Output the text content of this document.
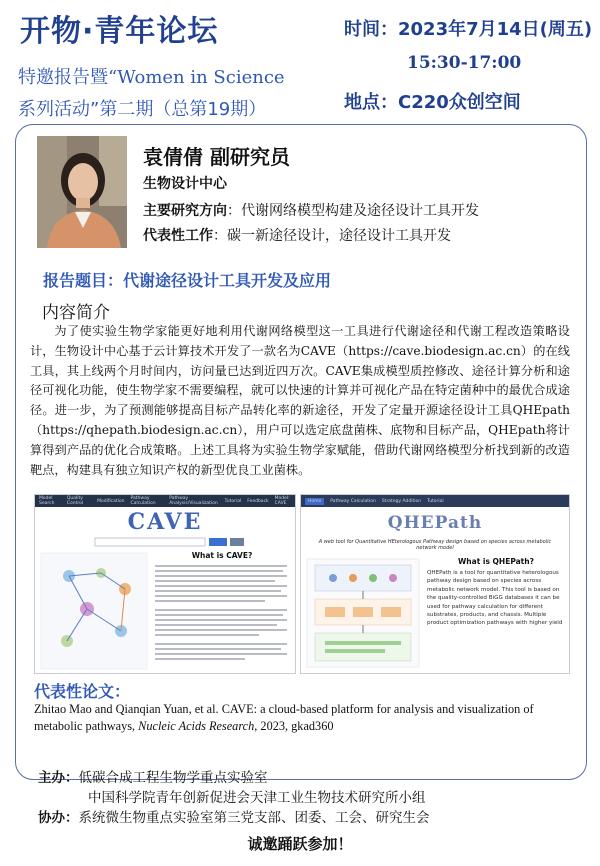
开物·青年论坛
特邀报告暨“Women in Science
系列活动”第二期（总第19期）
时间：2023年7月14日(周五)
15:30-17:00
地点：C220众创空间
袁倩倩 副研究员
生物设计中心
主要研究方向：代谢网络模型构建及途径设计工具开发
代表性工作：碳一新途径设计，途径设计工具开发
报告题目：代谢途径设计工具开发及应用
内容简介
为了使实验生物学家能更好地利用代谢网络模型这一工具进行代谢途径和代谢工程改造策略设计，生物设计中心基于云计算技术开发了一款名为CAVE（https://cave.biodesign.ac.cn）的在线工具，其上线两个月时间内，访问量已达到近四万次。CAVE集成模型质控修改、途径计算分析和途径可视化功能，使生物学家不需要编程，就可以快速的计算并可视化产品在特定菌种中的最优合成途径。进一步，为了预测能够提高目标产品转化率的新途径，开发了定量开源途径设计工具QHEpath（https://qhepath.biodesign.ac.cn），用户可以选定底盘菌株、底物和目标产品，QHEpath将计算得到产品的优化合成策略。上述工具将为实验生物学家赋能，借助代谢网络模型分析找到新的改造靶点，构建具有独立知识产权的新型优良工业菌株。
Model Search
Quality Control	Modification Pathway Calculation
Pathway Analysis/Visualization Tutorial Feedback Model: CAVE
CAVE
What is CAVE?
Home	Pathway Calculation Strategy Addition Tutorial
QHEPath
A web tool for Quantitative HEterologous Pathway design based on species across metabolic network model
What is QHEPath?
QHEPath is a tool for quantitative heterologous pathway design based on species across metabolic network model. This tool is based on the quality-controlled BiGG databases it can be used for pathway calculation for different substrates, products, and chassis. Multiple product optimization pathways with higher yield
代表性论文：
Zhitao Mao and Qianqian Yuan, et al. CAVE: a cloud-based platform for analysis and visualization of metabolic pathways, Nucleic Acids Research, 2023, gkad360
主办：低碳合成工程生物学重点实验室
中国科学院青年创新促进会天津工业生物技术研究所小组
协办：系统微生物重点实验室第三党支部、团委、工会、研究生会
诚邀踊跃参加！
